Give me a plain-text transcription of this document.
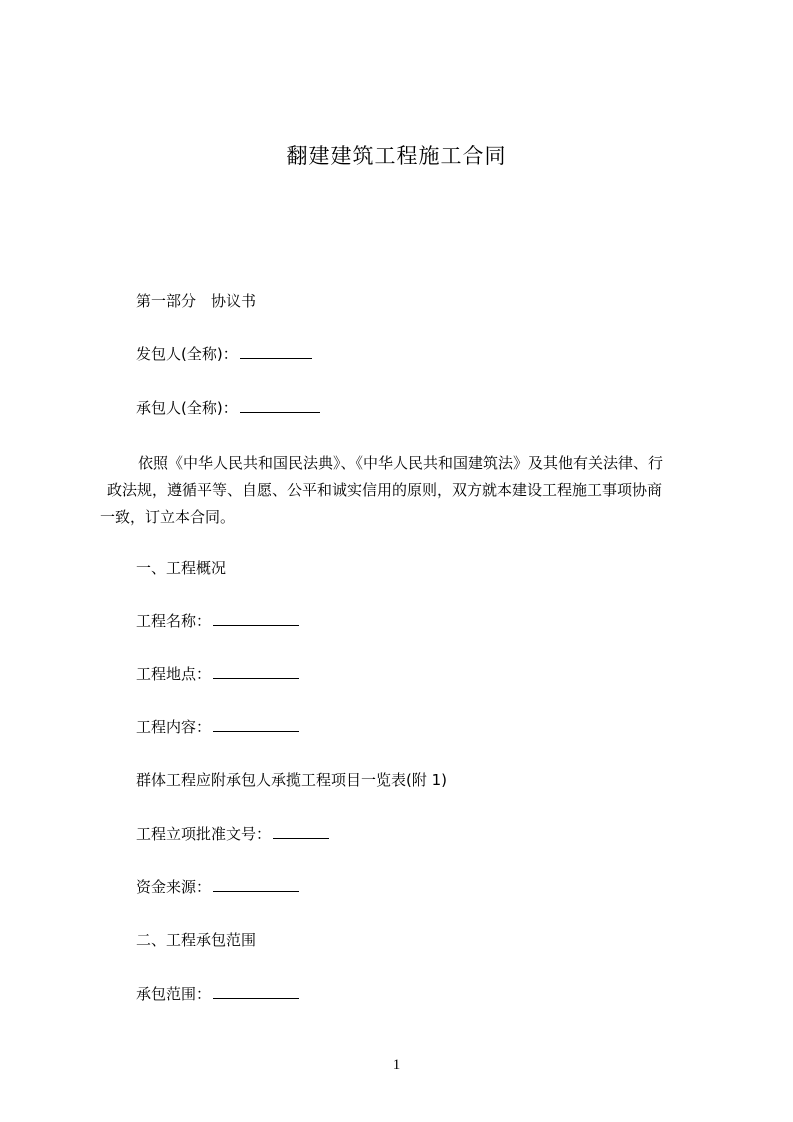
翻建建筑工程施工合同
第一部分　协议书
发包人(全称)：
承包人(全称)：
依照《中华人民共和国民法典》、《中华人民共和国建筑法》及其他有关法律、行
政法规，遵循平等、自愿、公平和诚实信用的原则，双方就本建设工程施工事项协商
一致，订立本合同。
一、工程概况
工程名称：
工程地点：
工程内容：
群体工程应附承包人承揽工程项目一览表(附 1)
工程立项批准文号：
资金来源：
二、工程承包范围
承包范围：
1
